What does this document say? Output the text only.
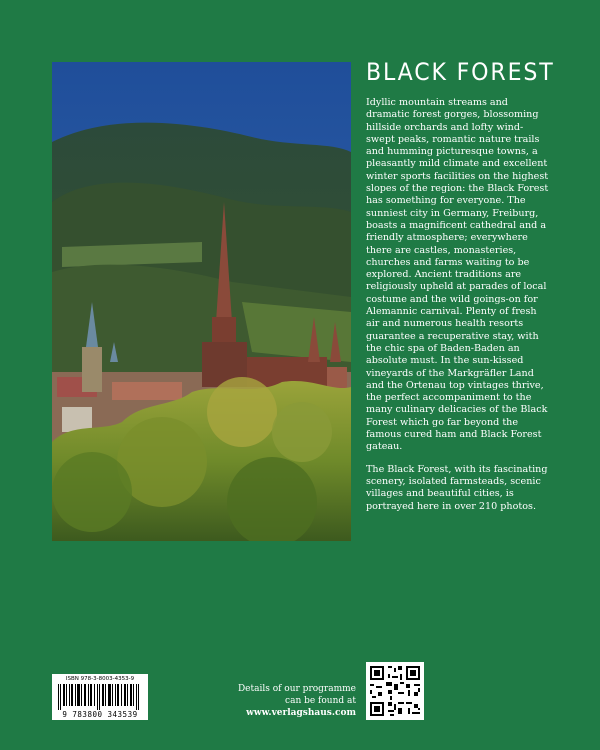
BLACK FOREST

Idyllic mountain streams and dramatic forest gorges, blossoming hillside orchards and lofty wind-swept peaks, romantic nature trails and humming picturesque towns, a pleasantly mild climate and excellent winter sports facilities on the highest slopes of the region: the Black Forest has something for everyone. The sunniest city in Germany, Freiburg, boasts a magnificent cathedral and a friendly atmosphere; everywhere there are castles, monasteries, churches and farms waiting to be explored. Ancient traditions are religiously upheld at parades of local costume and the wild goings-on for Alemannic carnival. Plenty of fresh air and numerous health resorts guarantee a recuperative stay, with the chic spa of Baden-Baden an absolute must. In the sun-kissed vineyards of the Markgräfler Land and the Ortenau top vintages thrive, the perfect accompaniment to the many culinary delicacies of the Black Forest which go far beyond the famous cured ham and Black Forest gateau.

The Black Forest, with its fascinating scenery, isolated farmsteads, scenic villages and beautiful cities, is portrayed here in over 210 photos.

ISBN 978-3-8003-4353-9
9 783800 343539
Details of our programme
can be found at
www.verlagshaus.com
